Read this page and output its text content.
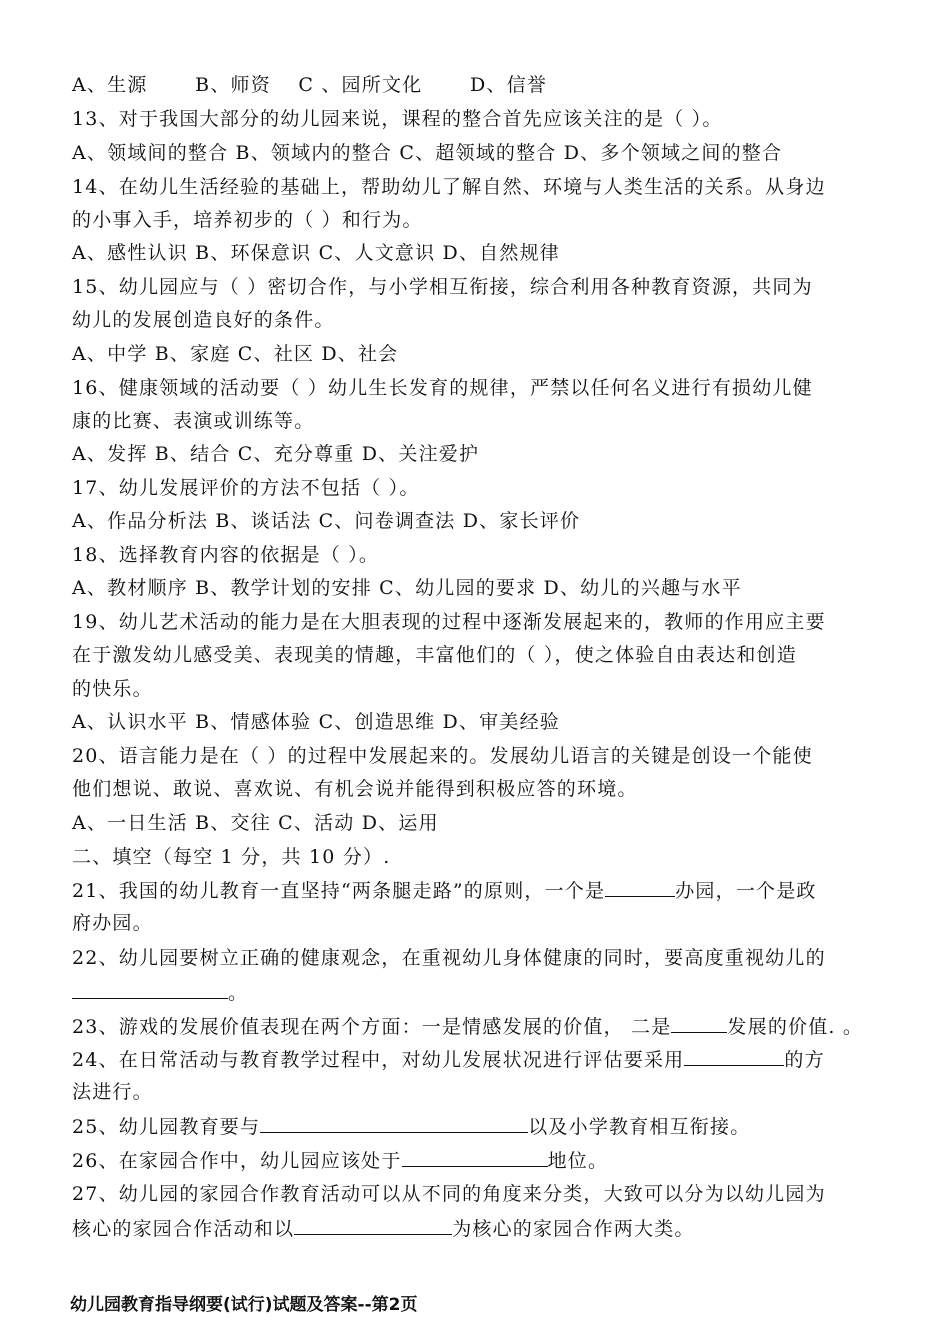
A、生源　　 B、师资　 C 、园所文化　　 D、信誉
13、对于我国大部分的幼儿园来说，课程的整合首先应该关注的是（ ）。
A、领域间的整合 B、领域内的整合 C、超领域的整合 D、多个领域之间的整合
14、在幼儿生活经验的基础上，帮助幼儿了解自然、环境与人类生活的关系。从身边
的小事入手，培养初步的（ ）和行为。
A、感性认识 B、环保意识 C、人文意识 D、自然规律
15、幼儿园应与（ ）密切合作，与小学相互衔接，综合利用各种教育资源，共同为
幼儿的发展创造良好的条件。
A、中学 B、家庭 C、社区 D、社会
16、健康领域的活动要（ ）幼儿生长发育的规律，严禁以任何名义进行有损幼儿健
康的比赛、表演或训练等。
A、发挥 B、结合 C、充分尊重 D、关注爱护
17、幼儿发展评价的方法不包括（ ）。
A、作品分析法 B、谈话法 C、问卷调查法 D、家长评价
18、选择教育内容的依据是（ ）。
A、教材顺序 B、教学计划的安排 C、幼儿园的要求 D、幼儿的兴趣与水平
19、幼儿艺术活动的能力是在大胆表现的过程中逐渐发展起来的，教师的作用应主要
在于激发幼儿感受美、表现美的情趣，丰富他们的（ ），使之体验自由表达和创造
的快乐。
A、认识水平 B、情感体验 C、创造思维 D、审美经验
20、语言能力是在（ ）的过程中发展起来的。发展幼儿语言的关键是创设一个能使
他们想说、敢说、喜欢说、有机会说并能得到积极应答的环境。
A、一日生活 B、交往 C、活动 D、运用
二、填空（每空 1 分，共 10 分）.
21、我国的幼儿教育一直坚持“两条腿走路”的原则，一个是	办园，一个是政
府办园。
22、幼儿园要树立正确的健康观念，在重视幼儿身体健康的同时，要高度重视幼儿的
。
23、游戏的发展价值表现在两个方面：一是情感发展的价值， 二是	发展的价值. 。
24、在日常活动与教育教学过程中，对幼儿发展状况进行评估要采用	的方
法进行。
25、幼儿园教育要与	以及小学教育相互衔接。
26、在家园合作中，幼儿园应该处于	地位。
27、幼儿园的家园合作教育活动可以从不同的角度来分类，大致可以分为以幼儿园为
核心的家园合作活动和以	为核心的家园合作两大类。
幼儿园教育指导纲要(试行)试题及答案--第2页
